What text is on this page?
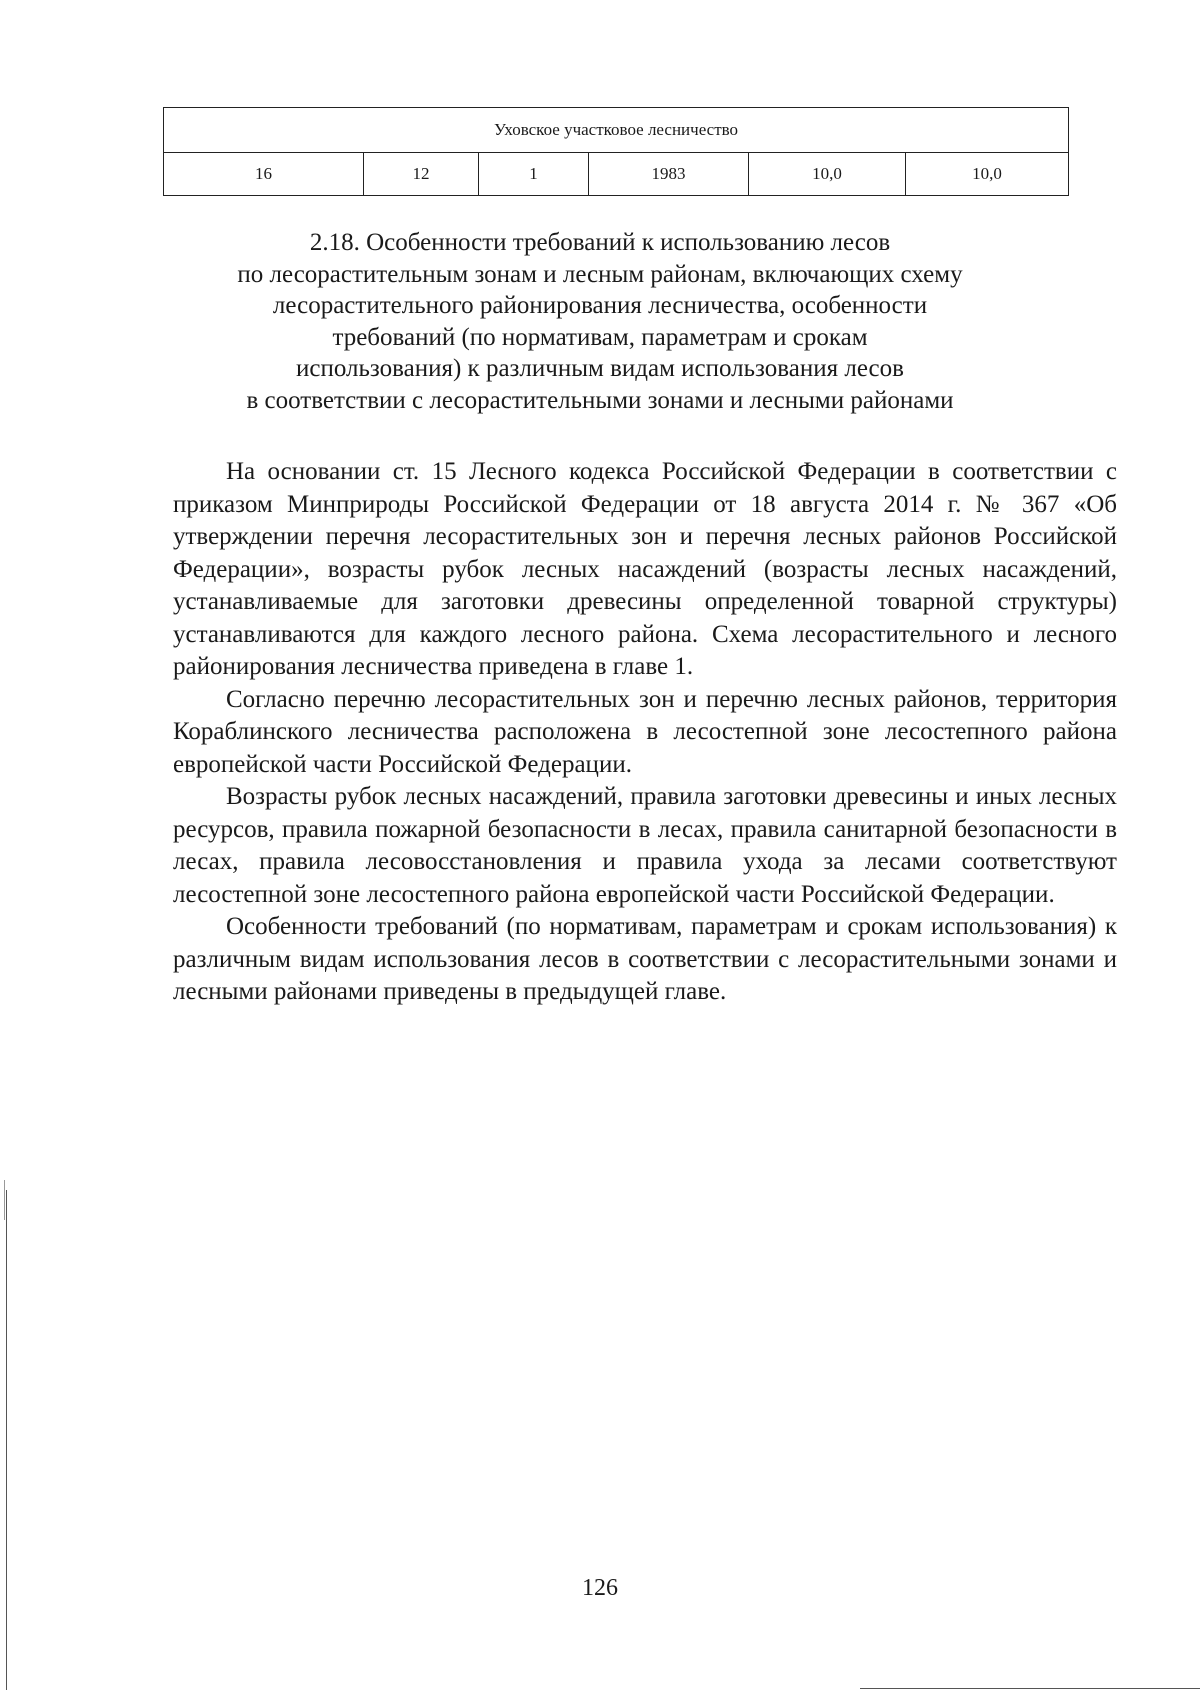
Уховское участковое лесничество
16	12	1	1983	10,0	10,0
2.18. Особенности требований к использованию лесов
по лесорастительным зонам и лесным районам, включающих схему
лесорастительного районирования лесничества, особенности
требований (по нормативам, параметрам и срокам
использования) к различным видам использования лесов
в соответствии с лесорастительными зонами и лесными районами

На основании ст. 15 Лесного кодекса Российской Федерации в соответствии с приказом Минприроды Российской Федерации от 18 августа 2014 г. № 367 «Об утверждении перечня лесорастительных зон и перечня лесных районов Российской Федерации», возрасты рубок лесных насаждений (возрасты лесных насаждений, устанавливаемые для заготовки древесины определенной товарной структуры) устанавливаются для каждого лесного района. Схема лесорастительного и лесного районирования лесничества приведена в главе 1.

Согласно перечню лесорастительных зон и перечню лесных районов, территория Кораблинского лесничества расположена в лесостепной зоне лесостепного района европейской части Российской Федерации.

Возрасты рубок лесных насаждений, правила заготовки древесины и иных лесных ресурсов, правила пожарной безопасности в лесах, правила санитарной безопасности в лесах, правила лесовосстановления и правила ухода за лесами соответствуют лесостепной зоне лесостепного района европейской части Российской Федерации.

Особенности требований (по нормативам, параметрам и срокам использования) к различным видам использования лесов в соответствии с лесорастительными зонами и лесными районами приведены в предыдущей главе.

126
